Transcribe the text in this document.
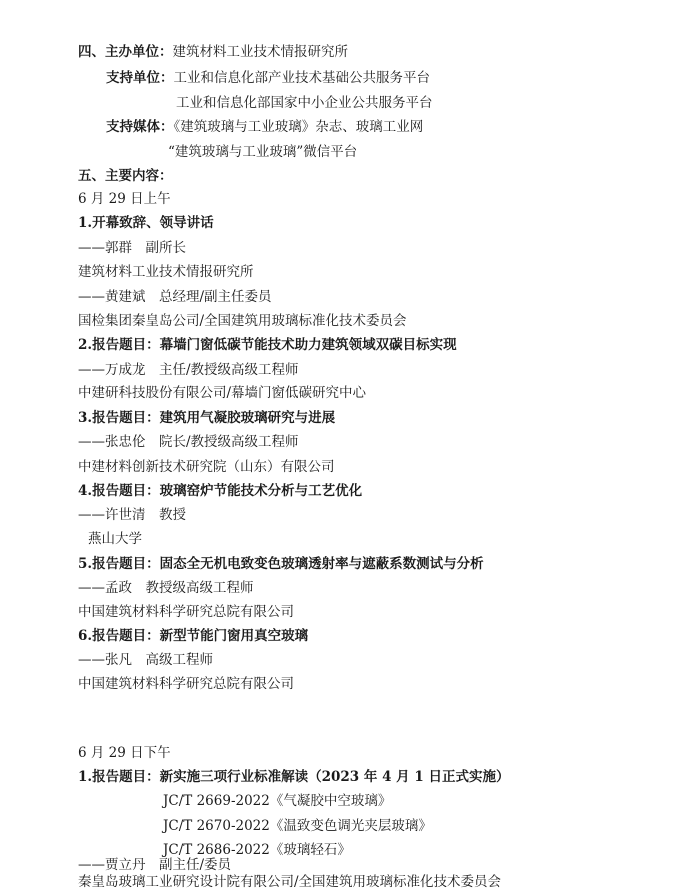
四、主办单位：建筑材料工业技术情报研究所
支持单位：工业和信息化部产业技术基础公共服务平台
工业和信息化部国家中小企业公共服务平台
支持媒体：《建筑玻璃与工业玻璃》杂志、玻璃工业网
“建筑玻璃与工业玻璃”微信平台
五、主要内容：
6 月 29 日上午
1.开幕致辞、领导讲话
——郭群　副所长
建筑材料工业技术情报研究所
——黄建斌　总经理/副主任委员
国检集团秦皇岛公司/全国建筑用玻璃标准化技术委员会
2.报告题目：幕墙门窗低碳节能技术助力建筑领域双碳目标实现
——万成龙　主任/教授级高级工程师
中建研科技股份有限公司/幕墙门窗低碳研究中心
3.报告题目：建筑用气凝胶玻璃研究与进展
——张忠伦　院长/教授级高级工程师
中建材料创新技术研究院（山东）有限公司
4.报告题目：玻璃窑炉节能技术分析与工艺优化
——许世清　教授
燕山大学
5.报告题目：固态全无机电致变色玻璃透射率与遮蔽系数测试与分析
——孟政　教授级高级工程师
中国建筑材料科学研究总院有限公司
6.报告题目：新型节能门窗用真空玻璃
——张凡　高级工程师
中国建筑材料科学研究总院有限公司
6 月 29 日下午
1.报告题目：新实施三项行业标准解读（2023 年 4 月 1 日正式实施）
JC/T 2669-2022《气凝胶中空玻璃》
JC/T 2670-2022《温致变色调光夹层玻璃》
JC/T 2686-2022《玻璃轻石》
——贾立丹　副主任/委员
秦皇岛玻璃工业研究设计院有限公司/全国建筑用玻璃标准化技术委员会
